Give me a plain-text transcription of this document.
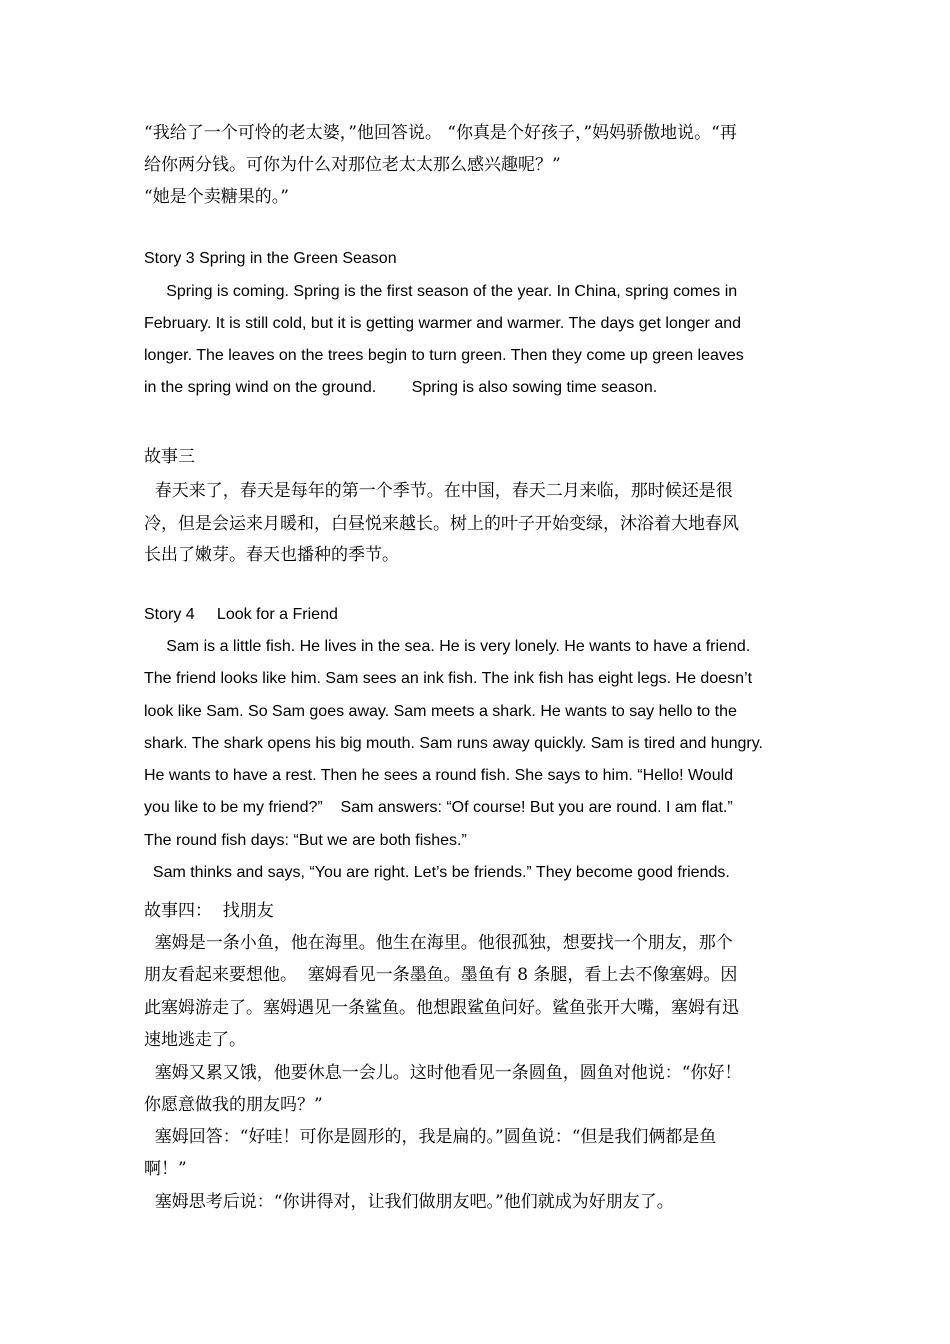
“我给了一个可怜的老太婆，”他回答说。 “你真是个好孩子，”妈妈骄傲地说。“再
给你两分钱。可你为什么对那位老太太那么感兴趣呢？”
“她是个卖糖果的。”
Story 3 Spring in the Green Season
Spring is coming. Spring is the first season of the year. In China, spring comes in
February. It is still cold, but it is getting warmer and warmer. The days get longer and
longer. The leaves on the trees begin to turn green. Then they come up green leaves
in the spring wind on the ground.        Spring is also sowing time season.
故事三
春天来了，春天是每年的第一个季节。在中国，春天二月来临，那时候还是很
冷，但是会运来月暖和，白昼悦来越长。树上的叶子开始变绿，沐浴着大地春风
长出了嫩芽。春天也播种的季节。
Story 4     Look for a Friend
Sam is a little fish. He lives in the sea. He is very lonely. He wants to have a friend.
The friend looks like him. Sam sees an ink fish. The ink fish has eight legs. He doesn’t
look like Sam. So Sam goes away. Sam meets a shark. He wants to say hello to the
shark. The shark opens his big mouth. Sam runs away quickly. Sam is tired and hungry.
He wants to have a rest. Then he sees a round fish. She says to him. “Hello! Would
you like to be my friend?”    Sam answers: “Of course! But you are round. I am flat.”
The round fish days: “But we are both fishes.”
Sam thinks and says, “You are right. Let’s be friends.” They become good friends.
故事四：  找朋友
塞姆是一条小鱼，他在海里。他生在海里。他很孤独，想要找一个朋友，那个
朋友看起来要想他。  塞姆看见一条墨鱼。墨鱼有 8 条腿，看上去不像塞姆。因
此塞姆游走了。塞姆遇见一条鲨鱼。他想跟鲨鱼问好。鲨鱼张开大嘴，塞姆有迅
速地逃走了。
塞姆又累又饿，他要休息一会儿。这时他看见一条圆鱼，圆鱼对他说：“你好！
你愿意做我的朋友吗？”
塞姆回答：“好哇！可你是圆形的，我是扁的。”圆鱼说：“但是我们俩都是鱼
啊！”
塞姆思考后说：“你讲得对，让我们做朋友吧。”他们就成为好朋友了。
